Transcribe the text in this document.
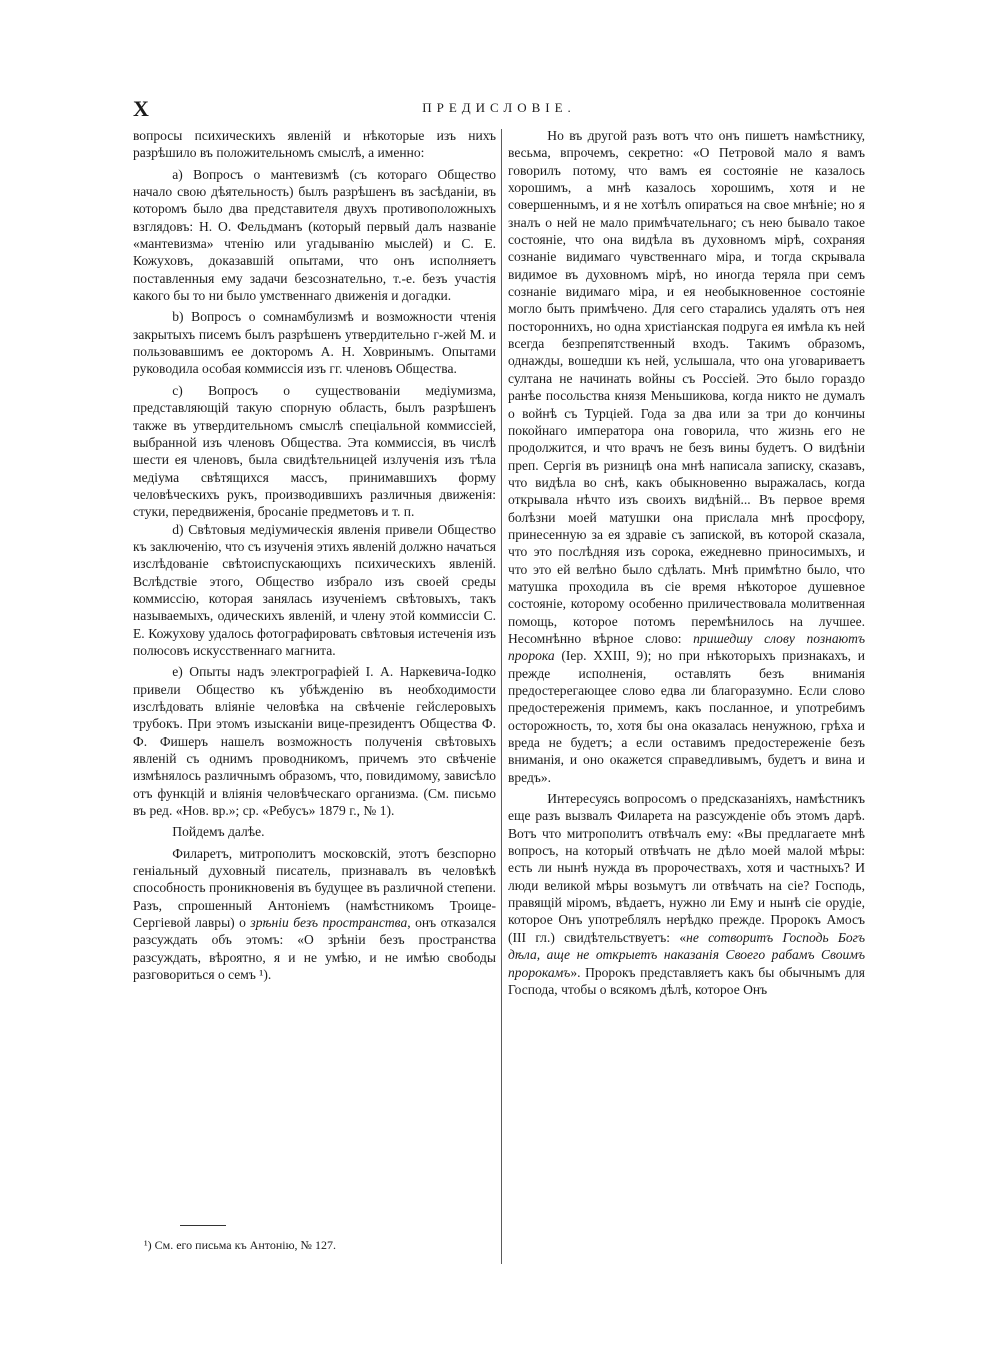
X	ПРЕДИСЛОВІЕ.

вопросы психическихъ явленій и нѣкоторые изъ нихъ разрѣшило въ положительномъ смыслѣ, а именно:

а) Вопросъ о мантевизмѣ (съ котораго Общество начало свою дѣятельность) былъ разрѣшенъ въ засѣданіи, въ которомъ было два представителя двухъ противоположныхъ взглядовъ: Н. О. Фельдманъ (который первый далъ названіе «мантевизма» чтенію или угадыванію мыслей) и С. Е. Кожуховъ, доказавшій опытами, что онъ исполняетъ поставленныя ему задачи безсознательно, т.-е. безъ участія какого бы то ни было умственнаго движенія и догадки.

b) Вопросъ о сомнамбулизмѣ и возможности чтенія закрытыхъ писемъ былъ разрѣшенъ утвердительно г-жей М. и пользовавшимъ ее докторомъ А. Н. Ховринымъ. Опытами руководила особая коммиссія изъ гг. членовъ Общества.

с) Вопросъ о существованіи медіумизма, представляющій такую спорную область, былъ разрѣшенъ также въ утвердительномъ смыслѣ спеціальной коммиссіей, выбранной изъ членовъ Общества. Эта коммиссія, въ числѣ шести ея членовъ, была свидѣтельницей излученія изъ тѣла медіума свѣтящихся массъ, принимавшихъ форму человѣческихъ рукъ, производившихъ различныя движенія: стуки, передвиженія, бросаніе предметовъ и т. п.

d) Свѣтовыя медіумическія явленія привели Общество къ заключенію, что съ изученія этихъ явленій должно начаться изслѣдованіе свѣтоиспускающихъ психическихъ явленій. Вслѣдствіе этого, Общество избрало изъ своей среды коммиссію, которая занялась изученіемъ свѣтовыхъ, такъ называемыхъ, одическихъ явленій, и члену этой коммиссіи С. Е. Кожухову удалось фотографировать свѣтовыя истеченія изъ полюсовъ искусственнаго магнита.

е) Опыты надъ электрографіей І. А. Наркевича-Іодко привели Общество къ убѣжденію въ необходимости изслѣдовать вліяніе человѣка на свѣченіе гейслеровыхъ трубокъ. При этомъ изысканіи вице-президентъ Общества Ф. Ф. Фишеръ нашелъ возможность полученія свѣтовыхъ явленій съ однимъ проводникомъ, причемъ это свѣченіе измѣнялось различнымъ образомъ, что, повидимому, зависѣло отъ функцій и вліянія человѣческаго организма. (См. письмо въ ред. «Нов. вр.»; ср. «Ребусъ» 1879 г., № 1).

Пойдемъ далѣе.

Филаретъ, митрополитъ московскій, этотъ безспорно геніальный духовный писатель, признавалъ въ человѣкѣ способность проникновенія въ будущее въ различной степени. Разъ, спрошенный Антоніемъ (намѣстникомъ Троице-Сергіевой лавры) о зрѣніи безъ пространства, онъ отказался разсуждать объ этомъ: «О зрѣніи безъ пространства разсуждать, вѣроятно, я и не умѣю, и не имѣю свободы разговориться о семъ ¹).

Но въ другой разъ вотъ что онъ пишетъ намѣстнику, весьма, впрочемъ, секретно: «О Петровой мало я вамъ говорилъ потому, что вамъ ея состояніе не казалось хорошимъ, а мнѣ казалось хорошимъ, хотя и не совершеннымъ, и я не хотѣлъ опираться на свое мнѣніе; но я зналъ о ней не мало примѣчательнаго; съ нею бывало такое состояніе, что она видѣла въ духовномъ мірѣ, сохраняя сознаніе видимаго чувственнаго міра, и тогда скрывала видимое въ духовномъ мірѣ, но иногда теряла при семъ сознаніе видимаго міра, и ея необыкновенное состояніе могло быть примѣчено. Для сего старались удалять отъ нея постороннихъ, но одна христіанская подруга ея имѣла къ ней всегда безпрепятственный входъ. Такимъ образомъ, однажды, вошедши къ ней, услышала, что она уговариваетъ султана не начинать войны съ Россіей. Это было гораздо ранѣе посольства князя Меньшикова, когда никто не думалъ о войнѣ съ Турціей. Года за два или за три до кончины покойнаго императора она говорила, что жизнь его не продолжится, и что врачъ не безъ вины будетъ. О видѣніи преп. Сергія въ ризницѣ она мнѣ написала записку, сказавъ, что видѣла во снѣ, какъ обыкновенно выражалась, когда открывала нѣчто изъ своихъ видѣній... Въ первое время болѣзни моей матушки она прислала мнѣ просфору, принесенную за ея здравіе съ запиской, въ которой сказала, что это послѣдняя изъ сорока, ежедневно приносимыхъ, и что это ей велѣно было сдѣлать. Мнѣ примѣтно было, что матушка проходила въ сіе время нѣкоторое душевное состояніе, которому особенно приличествовала молитвенная помощь, которое потомъ перемѣнилось на лучшее. Несомнѣнно вѣрное слово: пришедшу слову познаютъ пророка (Іер. XXIII, 9); но при нѣкоторыхъ признакахъ, и прежде исполненія, оставлять безъ вниманія предостерегающее слово едва ли благоразумно. Если слово предостереженія примемъ, какъ посланное, и употребимъ осторожность, то, хотя бы она оказалась ненужною, грѣха и вреда не будетъ; а если оставимъ предостереженіе безъ вниманія, и оно окажется справедливымъ, будетъ и вина и вредъ».

Интересуясь вопросомъ о предсказаніяхъ, намѣстникъ еще разъ вызвалъ Филарета на разсужденіе объ этомъ дарѣ. Вотъ что митрополитъ отвѣчалъ ему: «Вы предлагаете мнѣ вопросъ, на который отвѣчать не дѣло моей малой мѣры: есть ли нынѣ нужда въ пророчествахъ, хотя и частныхъ? И люди великой мѣры возьмутъ ли отвѣчать на сіе? Господь, правящій міромъ, вѣдаетъ, нужно ли Ему и нынѣ сіе орудіе, которое Онъ употреблялъ нерѣдко прежде. Пророкъ Амосъ (III гл.) свидѣтельствуетъ: «не сотворитъ Господь Богъ дѣла, аще не открыетъ наказанія Своего рабамъ Своимъ пророкамъ». Пророкъ представляетъ какъ бы обычнымъ для Господа, чтобы о всякомъ дѣлѣ, которое Онъ

¹) См. его письма къ Антонію, № 127.
